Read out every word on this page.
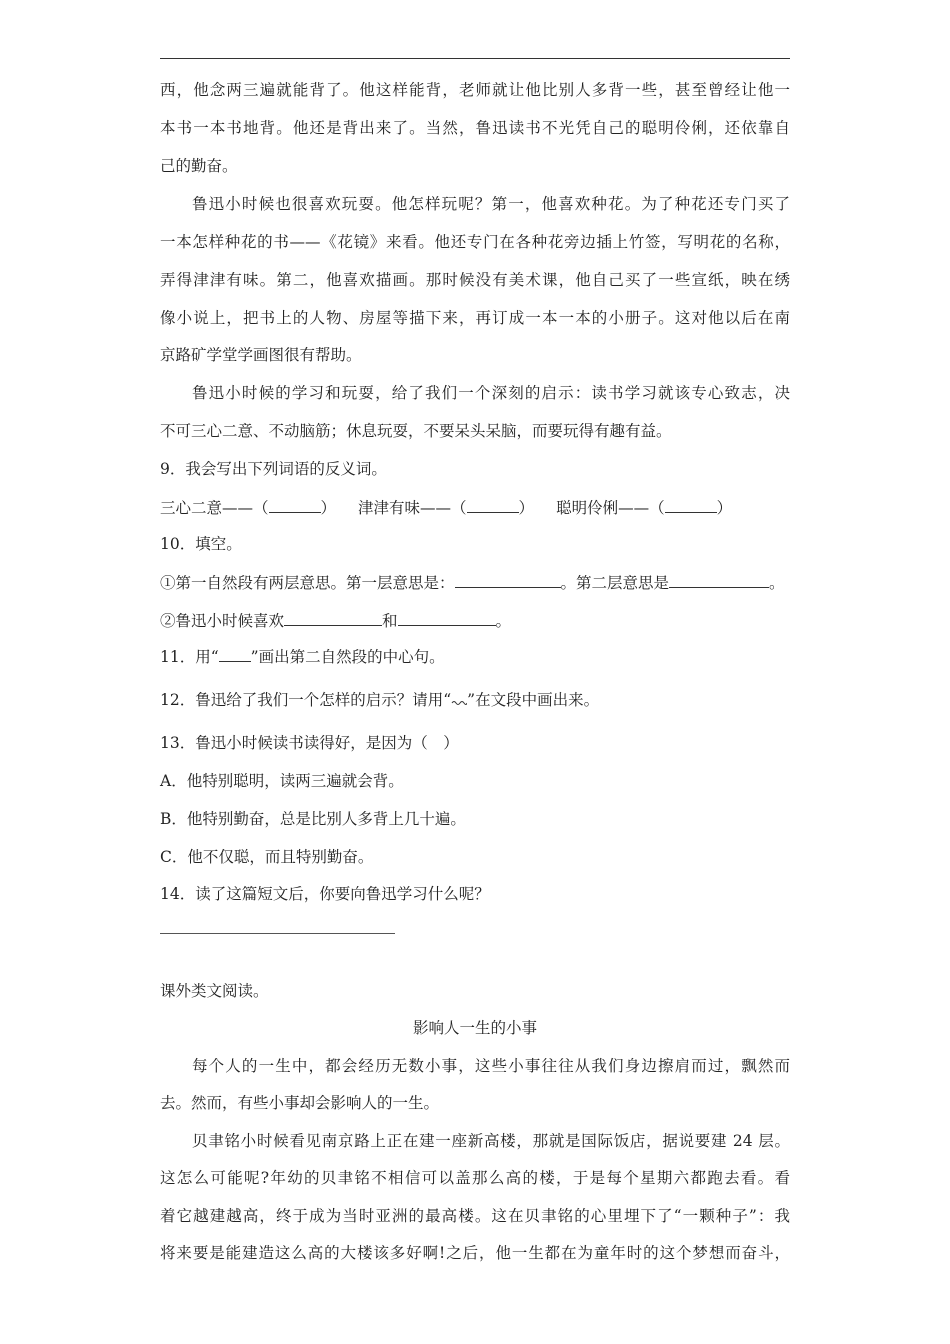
西，他念两三遍就能背了。他这样能背，老师就让他比别人多背一些，甚至曾经让他一
本书一本书地背。他还是背出来了。当然，鲁迅读书不光凭自己的聪明伶俐，还依靠自
己的勤奋。
鲁迅小时候也很喜欢玩耍。他怎样玩呢？第一，他喜欢种花。为了种花还专门买了
一本怎样种花的书——《花镜》来看。他还专门在各种花旁边插上竹签，写明花的名称，
弄得津津有味。第二，他喜欢描画。那时候没有美术课，他自己买了一些宣纸，映在绣
像小说上，把书上的人物、房屋等描下来，再订成一本一本的小册子。这对他以后在南
京路矿学堂学画图很有帮助。
鲁迅小时候的学习和玩耍，给了我们一个深刻的启示：读书学习就该专心致志，决
不可三心二意、不动脑筋；休息玩耍，不要呆头呆脑，而要玩得有趣有益。
9．我会写出下列词语的反义词。
三心二意——（	） 津津有味——（	） 聪明伶俐——（	）
10．填空。
①第一自然段有两层意思。第一层意思是：	。第二层意思是	。
②鲁迅小时候喜欢	和	。
11．用“ ”画出第二自然段的中心句。
12．鲁迅给了我们一个怎样的启示？请用“ ”在文段中画出来。
13．鲁迅小时候读书读得好，是因为（　）
A．他特别聪明，读两三遍就会背。
B．他特别勤奋，总是比别人多背上几十遍。
C．他不仅聪，而且特别勤奋。
14．读了这篇短文后，你要向鲁迅学习什么呢？
课外类文阅读。
影响人一生的小事
每个人的一生中，都会经历无数小事，这些小事往往从我们身边擦肩而过，飘然而
去。然而，有些小事却会影响人的一生。
贝聿铭小时候看见南京路上正在建一座新高楼，那就是国际饭店，据说要建 24 层。
这怎么可能呢?年幼的贝聿铭不相信可以盖那么高的楼，于是每个星期六都跑去看。看
着它越建越高，终于成为当时亚洲的最高楼。这在贝聿铭的心里埋下了“一颗种子”：我
将来要是能建造这么高的大楼该多好啊!之后，他一生都在为童年时的这个梦想而奋斗，
